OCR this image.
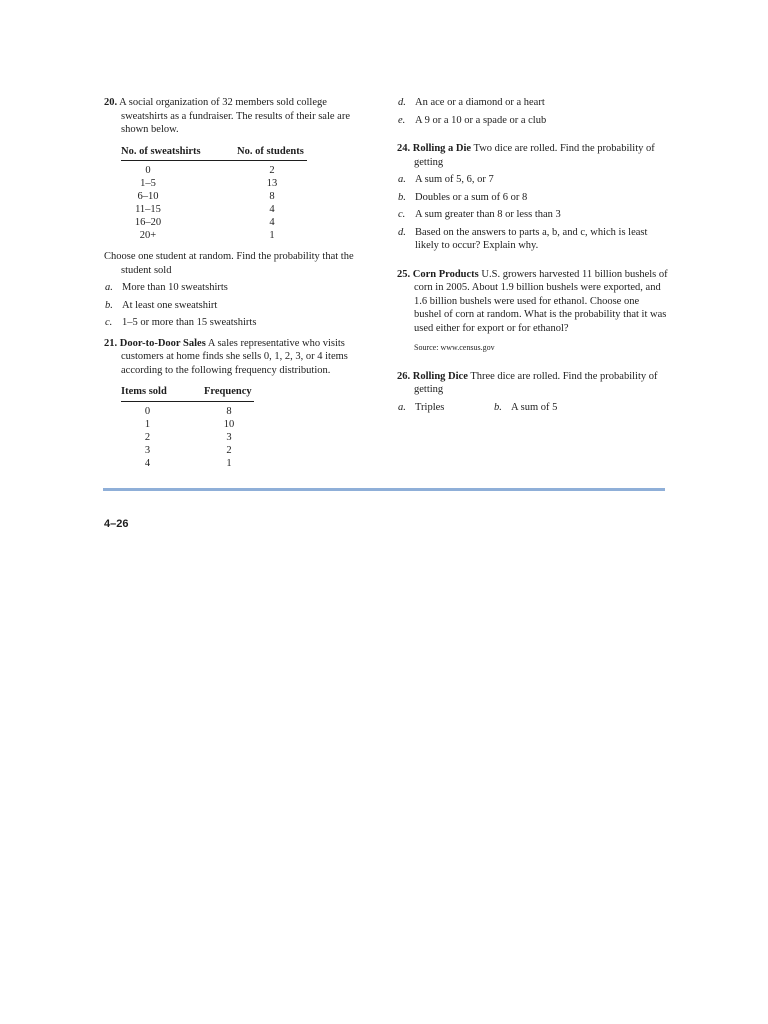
20. A social organization of 32 members sold college sweatshirts as a fundraiser. The results of their sale are shown below.
No. of sweatshirts	No. of students
0	2
1–5	13
6–10	8
11–15	4
16–20	4
20+	1
Choose one student at random. Find the probability that the student sold
a. More than 10 sweatshirts
b. At least one sweatshirt
c. 1–5 or more than 15 sweatshirts
21. Door-to-Door Sales A sales representative who visits customers at home finds she sells 0, 1, 2, 3, or 4 items according to the following frequency distribution.
Items sold	Frequency
0	8
1	10
2	3
3	2
4	1
d. An ace or a diamond or a heart
e. A 9 or a 10 or a spade or a club
24. Rolling a Die Two dice are rolled. Find the probability of getting
a. A sum of 5, 6, or 7
b. Doubles or a sum of 6 or 8
c. A sum greater than 8 or less than 3
d. Based on the answers to parts a, b, and c, which is least likely to occur? Explain why.
25. Corn Products U.S. growers harvested 11 billion bushels of corn in 2005. About 1.9 billion bushels were exported, and 1.6 billion bushels were used for ethanol. Choose one bushel of corn at random. What is the probability that it was used either for export or for ethanol?
Source: www.census.gov
26. Rolling Dice Three dice are rolled. Find the probability of getting
a. Triples	b. A sum of 5
4–26
